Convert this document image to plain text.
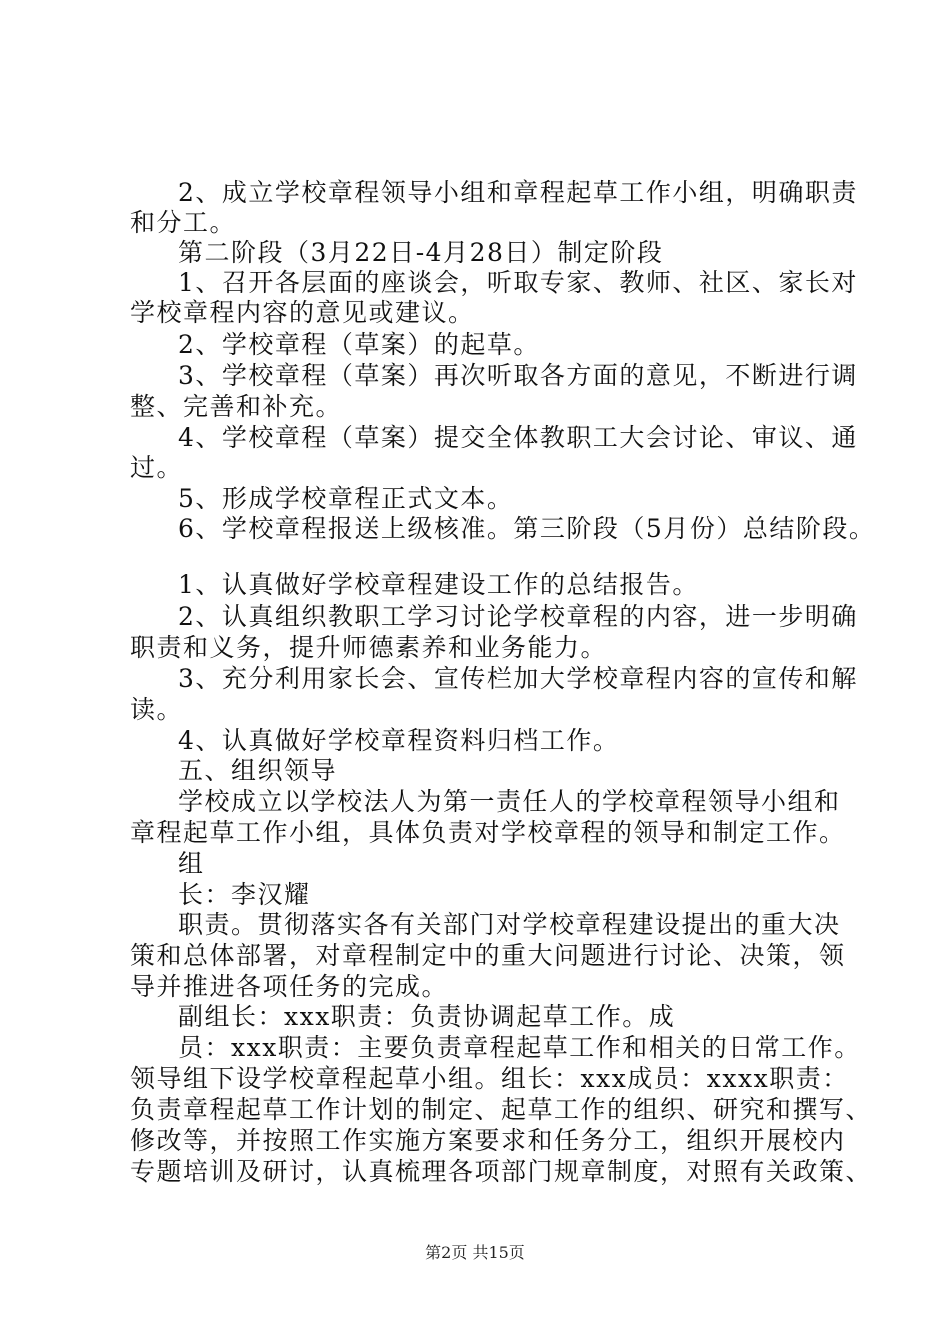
2、成立学校章程领导小组和章程起草工作小组，明确职责
和分工。
第二阶段（3月22日-4月28日）制定阶段
1、召开各层面的座谈会，听取专家、教师、社区、家长对
学校章程内容的意见或建议。
2、学校章程（草案）的起草。
3、学校章程（草案）再次听取各方面的意见，不断进行调
整、完善和补充。
4、学校章程（草案）提交全体教职工大会讨论、审议、通
过。
5、形成学校章程正式文本。
6、学校章程报送上级核准。第三阶段（5月份）总结阶段。
1、认真做好学校章程建设工作的总结报告。
2、认真组织教职工学习讨论学校章程的内容，进一步明确
职责和义务，提升师德素养和业务能力。
3、充分利用家长会、宣传栏加大学校章程内容的宣传和解
读。
4、认真做好学校章程资料归档工作。
五、组织领导
学校成立以学校法人为第一责任人的学校章程领导小组和
章程起草工作小组，具体负责对学校章程的领导和制定工作。
组
长：李汉耀
职责。贯彻落实各有关部门对学校章程建设提出的重大决
策和总体部署，对章程制定中的重大问题进行讨论、决策，领
导并推进各项任务的完成。
副组长：xxx职责：负责协调起草工作。成
员：xxx职责：主要负责章程起草工作和相关的日常工作。
领导组下设学校章程起草小组。组长：xxx成员：xxxx职责：
负责章程起草工作计划的制定、起草工作的组织、研究和撰写、
修改等，并按照工作实施方案要求和任务分工，组织开展校内
专题培训及研讨，认真梳理各项部门规章制度，对照有关政策、
第2页 共15页
